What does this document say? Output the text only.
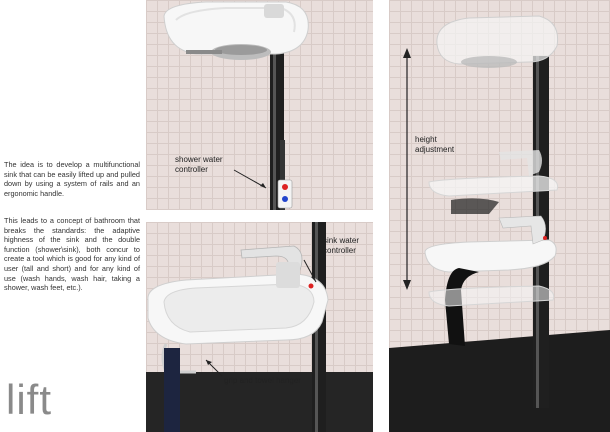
The idea is to develop a multifunctional sink that can be easily lifted up and pulled down by using a system of rails and an ergonomic handle.

This leads to a concept of bathroom that breaks the standards: the adaptive highness of the sink and the double function (shower\sink), both concur to create a tool which is good for any kind of user (tall and short) and for any kind of use (wash hands, wash hair, taking a shower, wash feet, etc.).

lift
shower water
controller
sink water
controller
grip and towel hanger
height
adjustment
